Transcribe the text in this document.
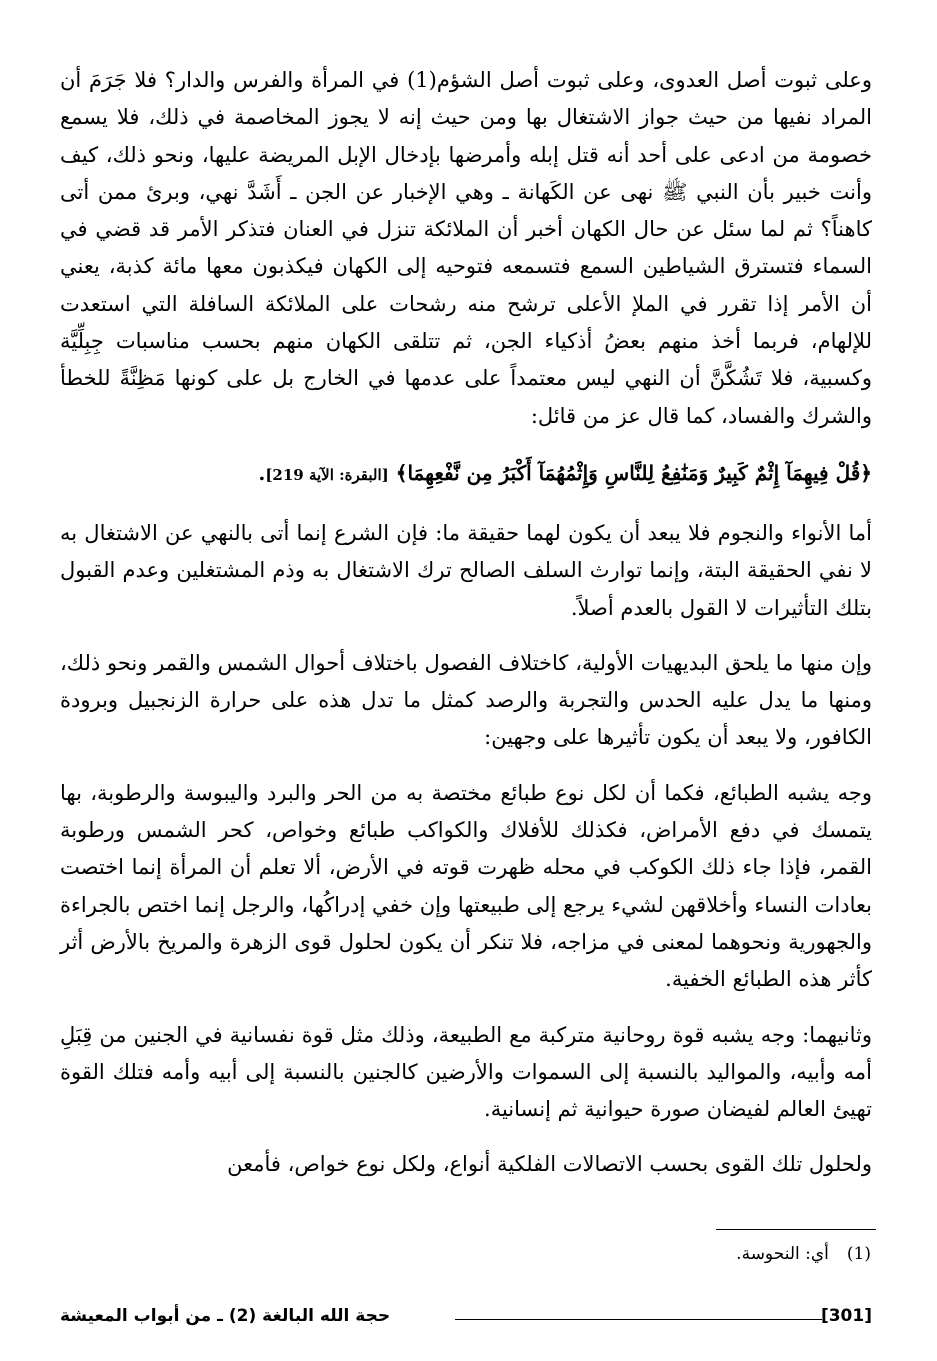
وعلى ثبوت أصل العدوى، وعلى ثبوت أصل الشؤم(1) في المرأة والفرس والدار؟ فلا جَرَمَ أن المراد نفيها من حيث جواز الاشتغال بها ومن حيث إنه لا يجوز المخاصمة في ذلك، فلا يسمع خصومة من ادعى على أحد أنه قتل إبله وأمرضها بإدخال الإبل المريضة عليها، ونحو ذلك، كيف وأنت خبير بأن النبي ﷺ نهى عن الكَهانة ـ وهي الإخبار عن الجن ـ أَشَدَّ نهي، وبرئ ممن أتى كاهناً؟ ثم لما سئل عن حال الكهان أخبر أن الملائكة تنزل في العنان فتذكر الأمر قد قضي في السماء فتسترق الشياطين السمع فتسمعه فتوحيه إلى الكهان فيكذبون معها مائة كذبة، يعني أن الأمر إذا تقرر في الملإ الأعلى ترشح منه رشحات على الملائكة السافلة التي استعدت للإلهام، فربما أخذ منهم بعضُ أذكياء الجن، ثم تتلقى الكهان منهم بحسب مناسبات جِبِلِّيَّة وكسبية، فلا تَشُكَّنَّ أن النهي ليس معتمداً على عدمها في الخارج بل على كونها مَظِنَّةً للخطأ والشرك والفساد، كما قال عز من قائل:

﴿قُلْ فِيهِمَآ إِثْمٌ كَبِيرٌ وَمَنَٰفِعُ لِلنَّاسِ وَإِثْمُهُمَآ أَكْبَرُ مِن نَّفْعِهِمَا﴾ [البقرة: الآية 219].

أما الأنواء والنجوم فلا يبعد أن يكون لهما حقيقة ما: فإن الشرع إنما أتى بالنهي عن الاشتغال به لا نفي الحقيقة البتة، وإنما توارث السلف الصالح ترك الاشتغال به وذم المشتغلين وعدم القبول بتلك التأثيرات لا القول بالعدم أصلاً.

وإن منها ما يلحق البديهيات الأولية، كاختلاف الفصول باختلاف أحوال الشمس والقمر ونحو ذلك، ومنها ما يدل عليه الحدس والتجربة والرصد كمثل ما تدل هذه على حرارة الزنجبيل وبرودة الكافور، ولا يبعد أن يكون تأثيرها على وجهين:

وجه يشبه الطبائع، فكما أن لكل نوع طبائع مختصة به من الحر والبرد واليبوسة والرطوبة، بها يتمسك في دفع الأمراض، فكذلك للأفلاك والكواكب طبائع وخواص، كحر الشمس ورطوبة القمر، فإذا جاء ذلك الكوكب في محله ظهرت قوته في الأرض، ألا تعلم أن المرأة إنما اختصت بعادات النساء وأخلاقهن لشيء يرجع إلى طبيعتها وإن خفي إدراكُها، والرجل إنما اختص بالجراءة والجهورية ونحوهما لمعنى في مزاجه، فلا تنكر أن يكون لحلول قوى الزهرة والمريخ بالأرض أثر كأثر هذه الطبائع الخفية.

وثانيهما: وجه يشبه قوة روحانية متركبة مع الطبيعة، وذلك مثل قوة نفسانية في الجنين من قِبَلِ أمه وأبيه، والمواليد بالنسبة إلى السموات والأرضين كالجنين بالنسبة إلى أبيه وأمه فتلك القوة تهيئ العالم لفيضان صورة حيوانية ثم إنسانية.

ولحلول تلك القوى بحسب الاتصالات الفلكية أنواع، ولكل نوع خواص، فأمعن

(1)أي: النحوسة.
[301]
حجة الله البالغة (2) ـ من أبواب المعيشة
